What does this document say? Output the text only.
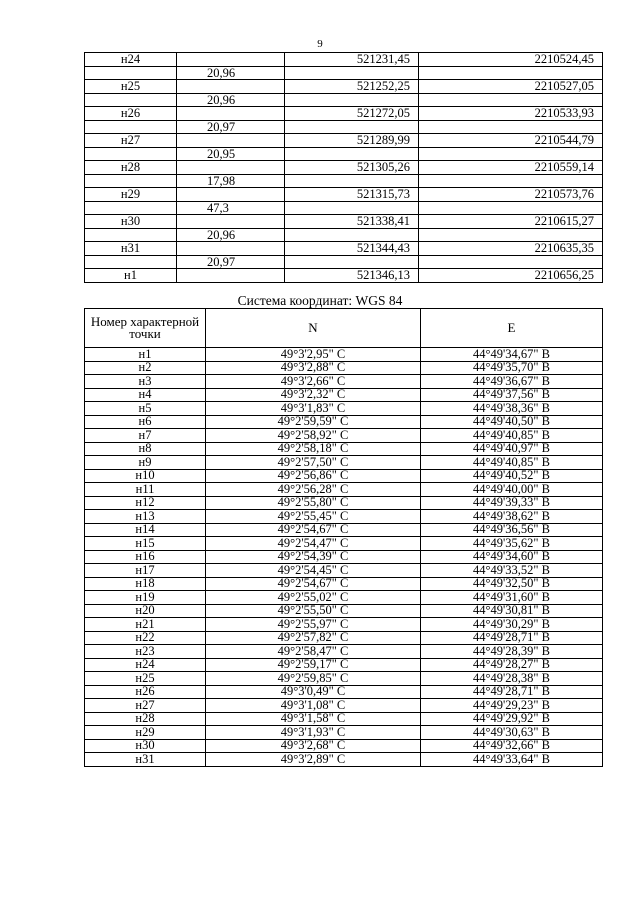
9
н24		521231,45	2210524,45
	20,96		
н25		521252,25	2210527,05
	20,96		
н26		521272,05	2210533,93
	20,97		
н27		521289,99	2210544,79
	20,95		
н28		521305,26	2210559,14
	17,98		
н29		521315,73	2210573,76
	47,3		
н30		521338,41	2210615,27
	20,96		
н31		521344,43	2210635,35
	20,97		
н1		521346,13	2210656,25
Система координат: WGS 84
Номер характерной точки	N	E
н1	49°3'2,95" С	44°49'34,67" В
н2	49°3'2,88" С	44°49'35,70" В
н3	49°3'2,66" С	44°49'36,67" В
н4	49°3'2,32" С	44°49'37,56" В
н5	49°3'1,83" С	44°49'38,36" В
н6	49°2'59,59" С	44°49'40,50" В
н7	49°2'58,92" С	44°49'40,85" В
н8	49°2'58,18" С	44°49'40,97" В
н9	49°2'57,50" С	44°49'40,85" В
н10	49°2'56,86" С	44°49'40,52" В
н11	49°2'56,28" С	44°49'40,00" В
н12	49°2'55,80" С	44°49'39,33" В
н13	49°2'55,45" С	44°49'38,62" В
н14	49°2'54,67" С	44°49'36,56" В
н15	49°2'54,47" С	44°49'35,62" В
н16	49°2'54,39" С	44°49'34,60" В
н17	49°2'54,45" С	44°49'33,52" В
н18	49°2'54,67" С	44°49'32,50" В
н19	49°2'55,02" С	44°49'31,60" В
н20	49°2'55,50" С	44°49'30,81" В
н21	49°2'55,97" С	44°49'30,29" В
н22	49°2'57,82" С	44°49'28,71" В
н23	49°2'58,47" С	44°49'28,39" В
н24	49°2'59,17" С	44°49'28,27" В
н25	49°2'59,85" С	44°49'28,38" В
н26	49°3'0,49" С	44°49'28,71" В
н27	49°3'1,08" С	44°49'29,23" В
н28	49°3'1,58" С	44°49'29,92" В
н29	49°3'1,93" С	44°49'30,63" В
н30	49°3'2,68" С	44°49'32,66" В
н31	49°3'2,89" С	44°49'33,64" В
